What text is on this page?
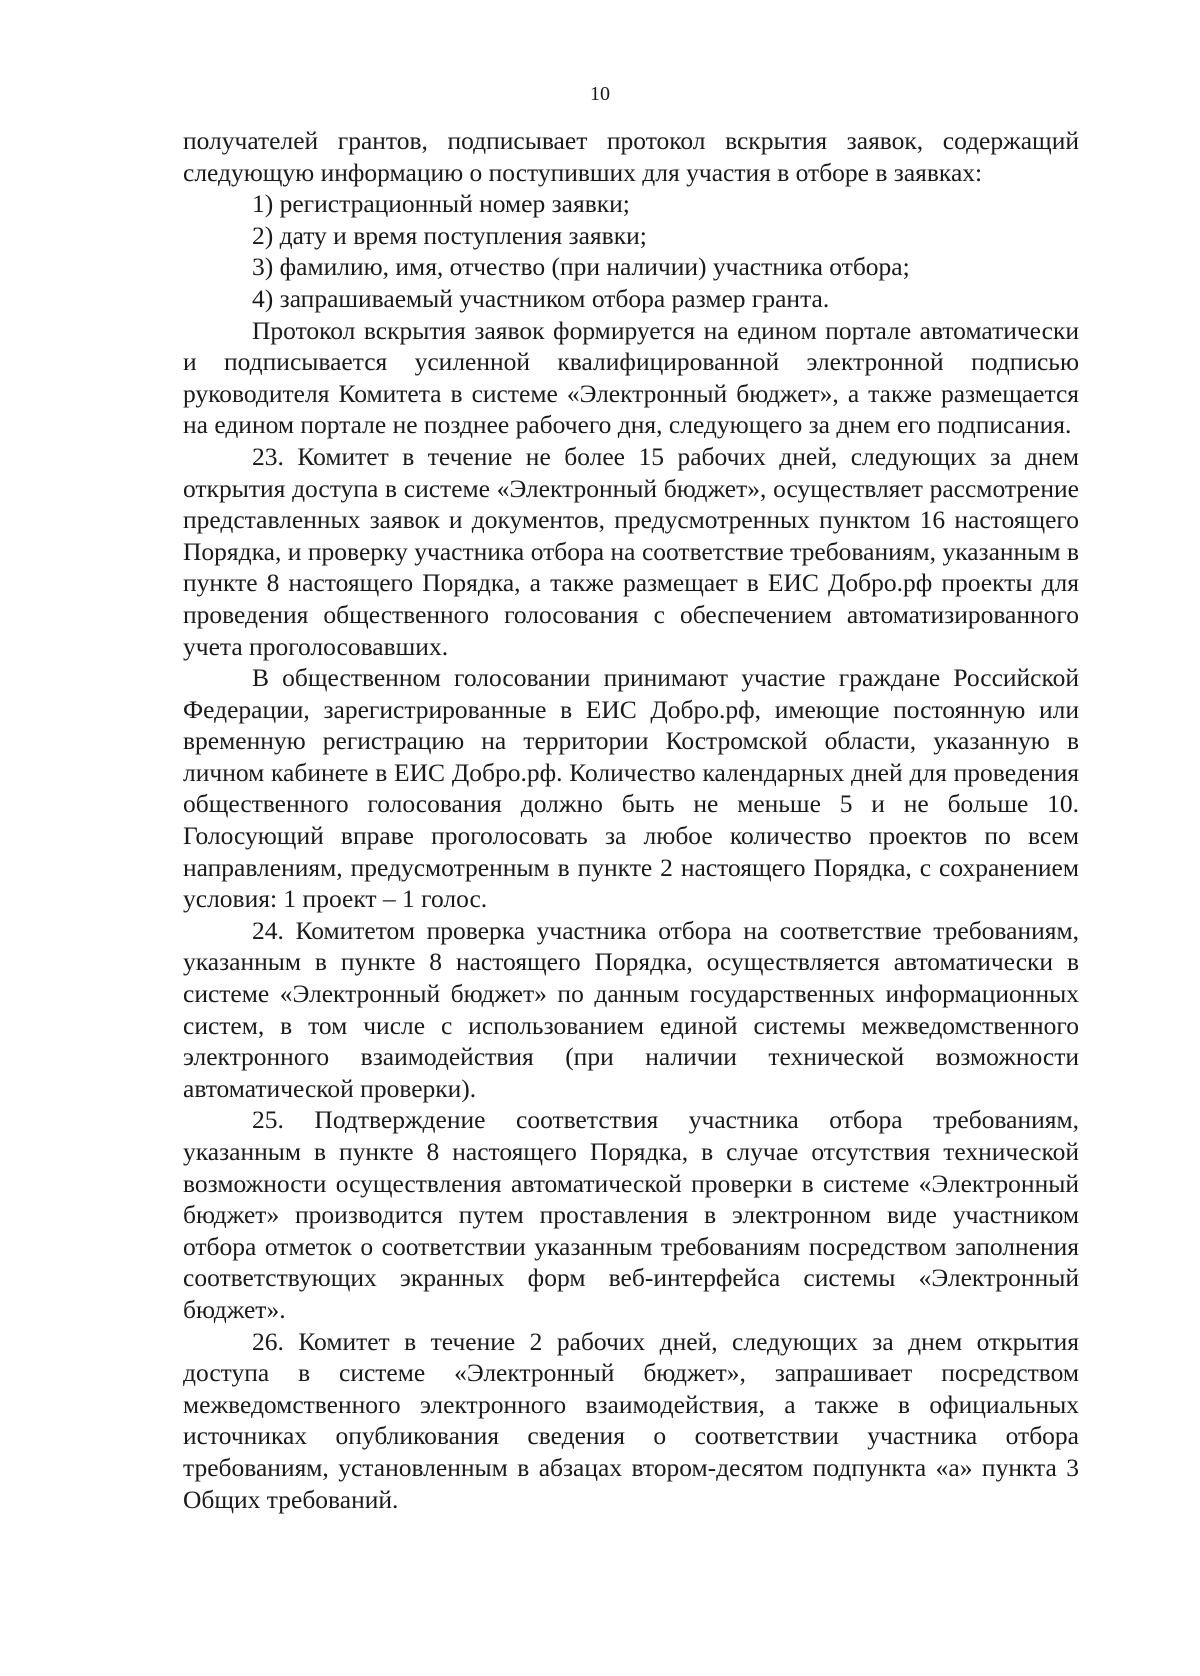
10

получателей грантов, подписывает протокол вскрытия заявок, содержащий следующую информацию о поступивших для участия в отборе в заявках:

1) регистрационный номер заявки;

2) дату и время поступления заявки;

3) фамилию, имя, отчество (при наличии) участника отбора;

4) запрашиваемый участником отбора размер гранта.

Протокол вскрытия заявок формируется на едином портале автоматически и подписывается усиленной квалифицированной электронной подписью руководителя Комитета в системе «Электронный бюджет», а также размещается на едином портале не позднее рабочего дня, следующего за днем его подписания.

23. Комитет в течение не более 15 рабочих дней, следующих за днем открытия доступа в системе «Электронный бюджет», осуществляет рассмотрение представленных заявок и документов, предусмотренных пунктом 16 настоящего Порядка, и проверку участника отбора на соответствие требованиям, указанным в пункте 8 настоящего Порядка, а также размещает в ЕИС Добро.рф проекты для проведения общественного голосования с обеспечением автоматизированного учета проголосовавших.

В общественном голосовании принимают участие граждане Российской Федерации, зарегистрированные в ЕИС Добро.рф, имеющие постоянную или временную регистрацию на территории Костромской области, указанную в личном кабинете в ЕИС Добро.рф. Количество календарных дней для проведения общественного голосования должно быть не меньше 5 и не больше 10. Голосующий вправе проголосовать за любое количество проектов по всем направлениям, предусмотренным в пункте 2 настоящего Порядка, с сохранением условия: 1 проект – 1 голос.

24. Комитетом проверка участника отбора на соответствие требованиям, указанным в пункте 8 настоящего Порядка, осуществляется автоматически в системе «Электронный бюджет» по данным государственных информационных систем, в том числе с использованием единой системы межведомственного электронного взаимодействия (при наличии технической возможности автоматической проверки).

25. Подтверждение соответствия участника отбора требованиям, указанным в пункте 8 настоящего Порядка, в случае отсутствия технической возможности осуществления автоматической проверки в системе «Электронный бюджет» производится путем проставления в электронном виде участником отбора отметок о соответствии указанным требованиям посредством заполнения соответствующих экранных форм веб-интерфейса системы «Электронный бюджет».

26. Комитет в течение 2 рабочих дней, следующих за днем открытия доступа в системе «Электронный бюджет», запрашивает посредством межведомственного электронного взаимодействия, а также в официальных источниках опубликования сведения о соответствии участника отбора требованиям, установленным в абзацах втором-десятом подпункта «а» пункта 3 Общих требований.
